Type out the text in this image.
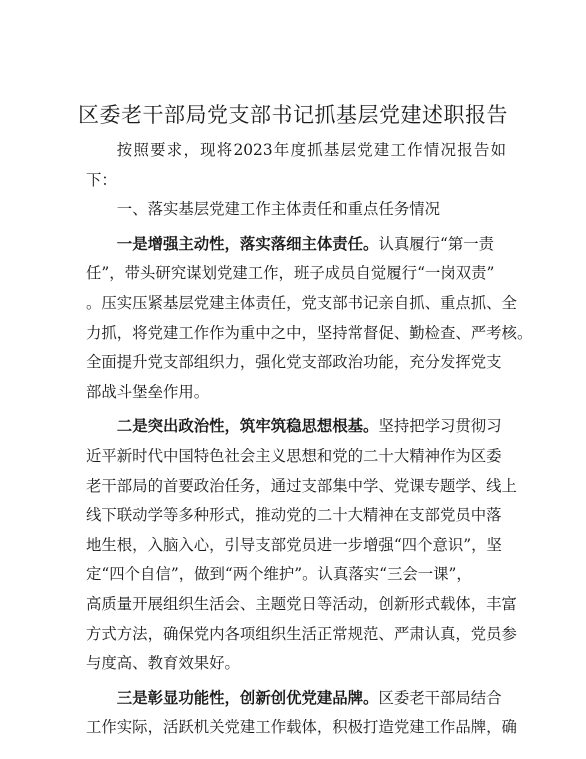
区委老干部局党支部书记抓基层党建述职报告

按照要求，现将2023年度抓基层党建工作情况报告如下：

一、落实基层党建工作主体责任和重点任务情况

一是增强主动性，落实落细主体责任。认真履行“第一责
任”，带头研究谋划党建工作，班子成员自觉履行“一岗双责”
。压实压紧基层党建主体责任，党支部书记亲自抓、重点抓、全
力抓，将党建工作作为重中之中，坚持常督促、勤检查、严考核。
全面提升党支部组织力，强化党支部政治功能，充分发挥党支
部战斗堡垒作用。
二是突出政治性，筑牢筑稳思想根基。坚持把学习贯彻习
近平新时代中国特色社会主义思想和党的二十大精神作为区委
老干部局的首要政治任务，通过支部集中学、党课专题学、线上
线下联动学等多种形式，推动党的二十大精神在支部党员中落
地生根，入脑入心，引导支部党员进一步增强“四个意识”，坚
定“四个自信”，做到“两个维护”。认真落实“三会一课”，
高质量开展组织生活会、主题党日等活动，创新形式载体，丰富
方式方法，确保党内各项组织生活正常规范、严肃认真，党员参
与度高、教育效果好。
三是彰显功能性，创新创优党建品牌。区委老干部局结合
工作实际，活跃机关党建工作载体，积极打造党建工作品牌，确
